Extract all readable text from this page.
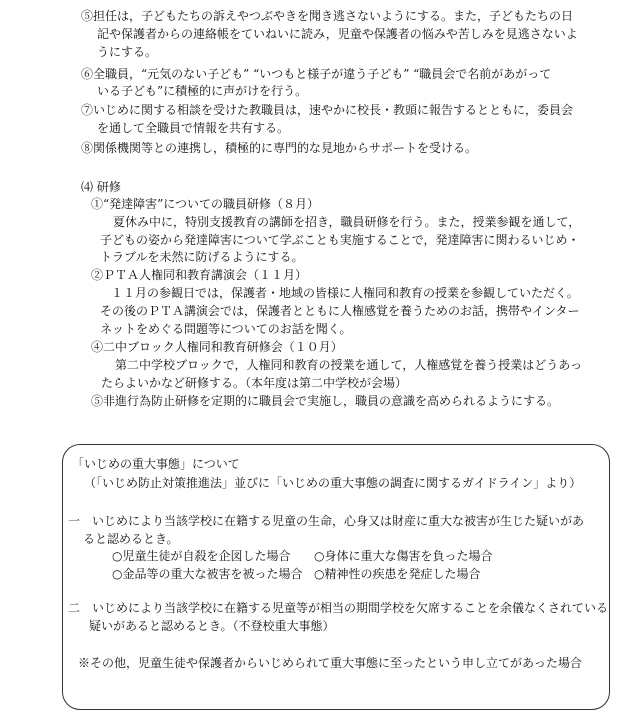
⑤担任は，子どもたちの訴えやつぶやきを聞き逃さないようにする。また，子どもたちの日
記や保護者からの連絡帳をていねいに読み，児童や保護者の悩みや苦しみを見逃さないよ
うにする。
⑥全職員，“元気のない子ども” “いつもと様子が違う子ども” “職員会で名前があがって
いる子ども”に積極的に声がけを行う。
⑦いじめに関する相談を受けた教職員は，速やかに校長・教頭に報告するとともに，委員会
を通して全職員で情報を共有する。
⑧関係機関等との連携し，積極的に専門的な見地からサポートを受ける。
⑷ 研修
①“発達障害”についての職員研修（８月）
夏休み中に，特別支援教育の講師を招き，職員研修を行う。また，授業参観を通して，
子どもの姿から発達障害について学ぶことも実施することで，発達障害に関わるいじめ・
トラブルを未然に防げるようにする。
②ＰＴＡ人権同和教育講演会（１１月）
１１月の参観日では，保護者・地域の皆様に人権同和教育の授業を参観していただく。
その後のＰＴＡ講演会では，保護者とともに人権感覚を養うためのお話，携帯やインター
ネットをめぐる問題等についてのお話を聞く。
④二中ブロック人権同和教育研修会（１０月）
第二中学校ブロックで，人権同和教育の授業を通して，人権感覚を養う授業はどうあっ
たらよいかなど研修する。（本年度は第二中学校が会場）
⑤非進行為防止研修を定期的に職員会で実施し，職員の意識を高められるようにする。
「いじめの重大事態」について
（「いじめ防止対策推進法」並びに「いじめの重大事態の調査に関するガイドライン」より）
一　いじめにより当該学校に在籍する児童の生命，心身又は財産に重大な被害が生じた疑いがあ
ると認めるとき。
○児童生徒が自殺を企図した場合 ○身体に重大な傷害を負った場合
○金品等の重大な被害を被った場合 ○精神性の疾患を発症した場合
二　いじめにより当該学校に在籍する児童等が相当の期間学校を欠席することを余儀なくされている
疑いがあると認めるとき。（不登校重大事態）
※その他，児童生徒や保護者からいじめられて重大事態に至ったという申し立てがあった場合
